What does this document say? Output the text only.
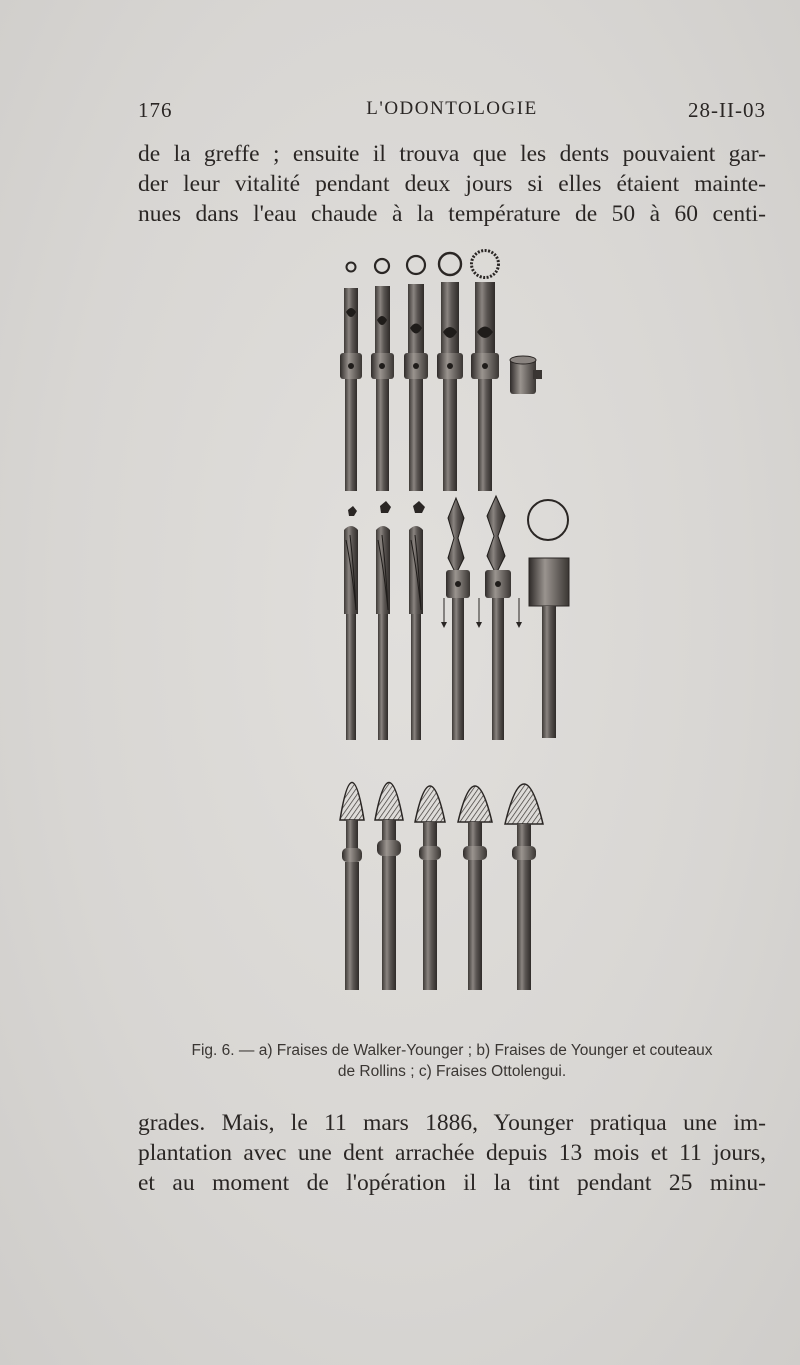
176	L'ODONTOLOGIE	28-II-03
de la greffe ; ensuite il trouva que les dents pouvaient gar-
der leur vitalité pendant deux jours si elles étaient mainte-
nues dans l'eau chaude à la température de 50 à 60 centi-
Fig. 6. — a) Fraises de Walker-Younger ; b) Fraises de Younger et couteaux
de Rollins ; c) Fraises Ottolengui.
grades. Mais, le 11 mars 1886, Younger pratiqua une im-
plantation avec une dent arrachée depuis 13 mois et 11 jours,
et au moment de l'opération il la tint pendant 25 minu-
